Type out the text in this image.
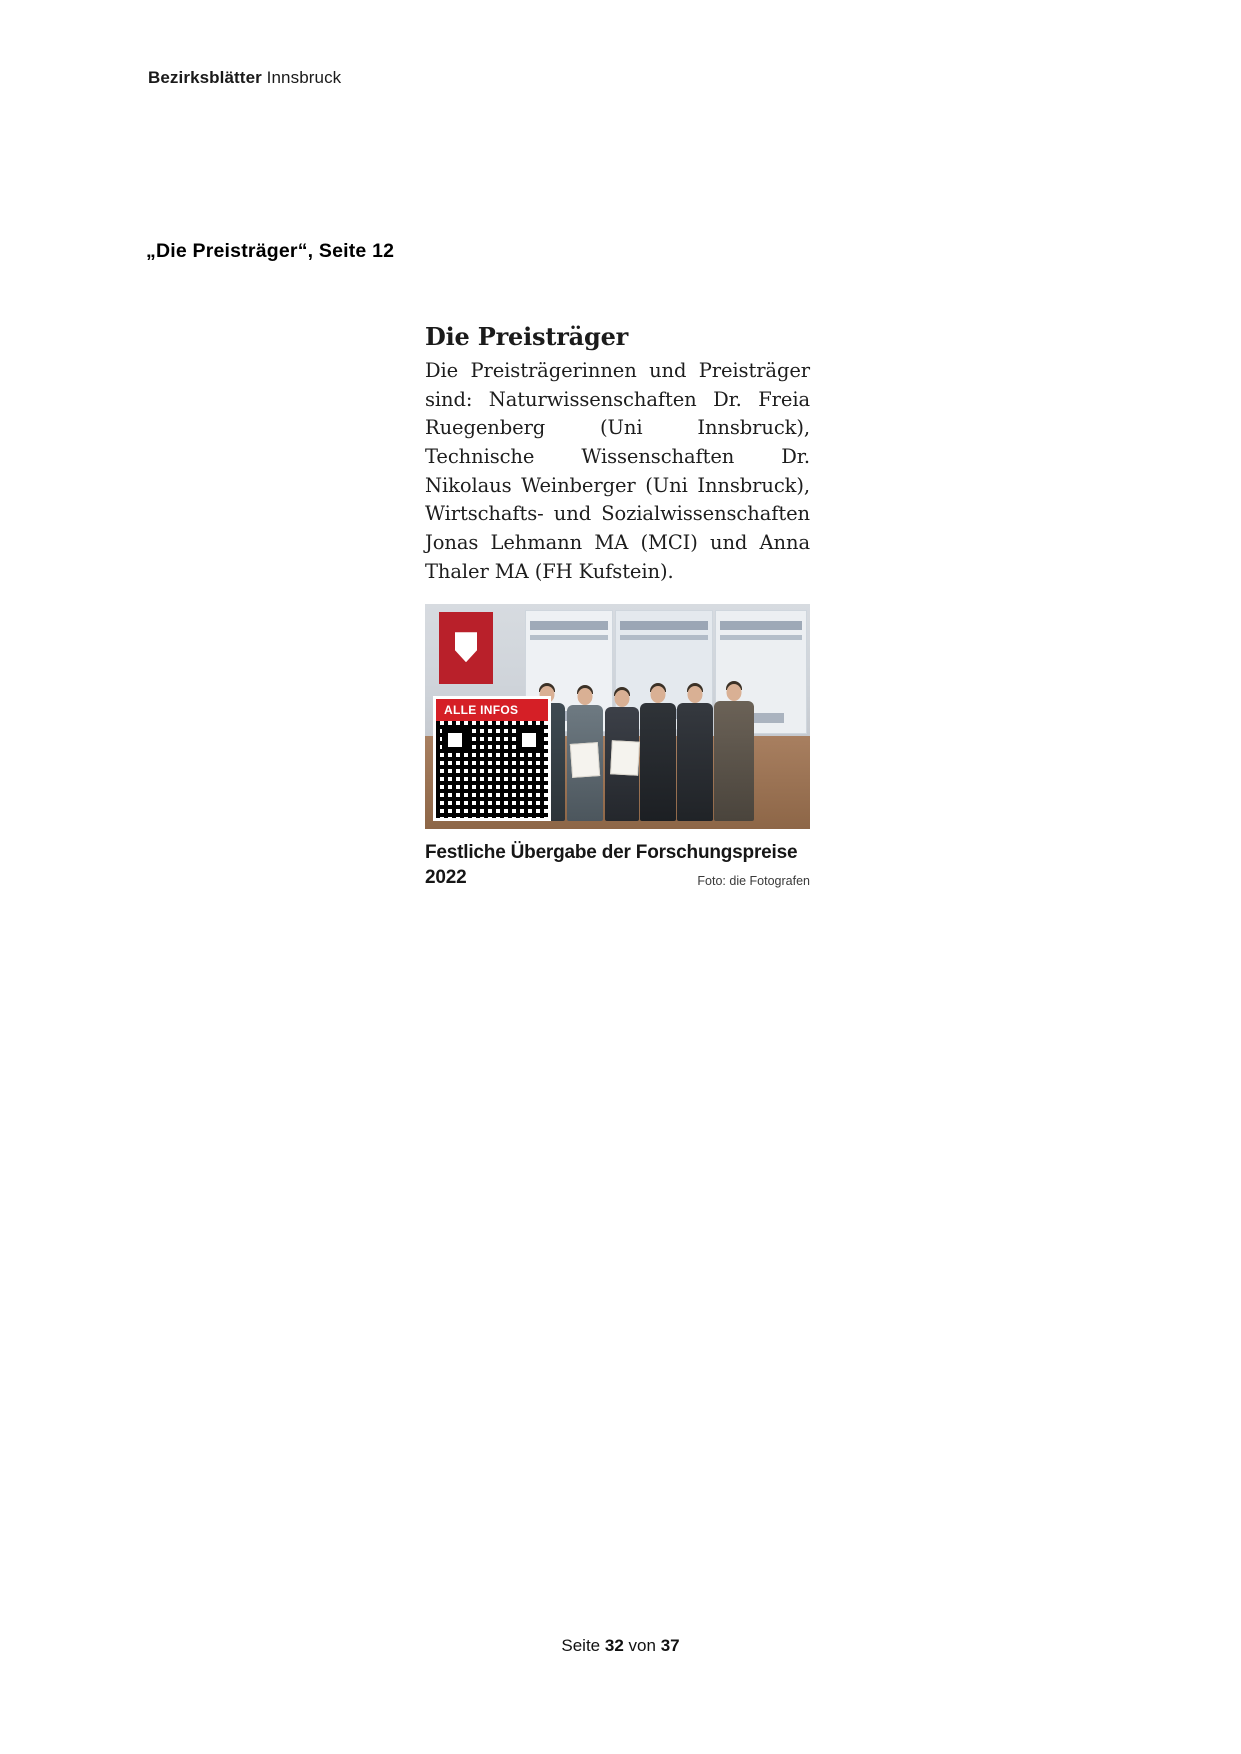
Bezirksblätter Innsbruck
„Die Preisträger“, Seite 12
Die Preisträger
Die Preisträgerinnen und Preisträger sind: Naturwissenschaften Dr. Freia Ruegenberg (Uni Innsbruck), Technische Wissenschaften Dr. Nikolaus Weinberger (Uni Innsbruck), Wirtschafts- und Sozialwissenschaften Jonas Lehmann MA (MCI) und Anna Thaler MA (FH Kufstein).
ALLE INFOS
Festliche Übergabe der Forschungspreise 2022	Foto: die Fotografen
Seite 32 von 37
